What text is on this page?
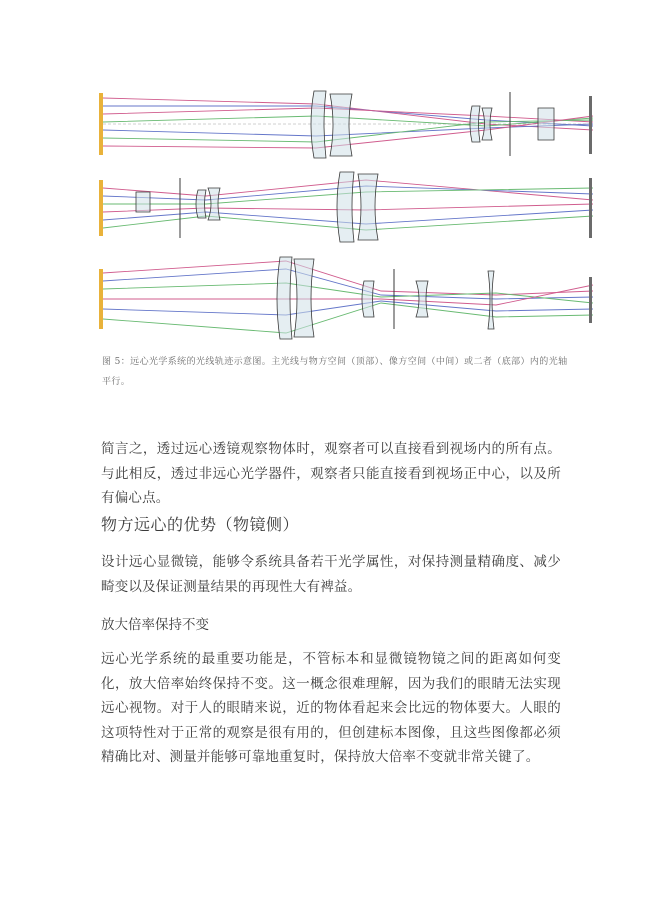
图 5：远心光学系统的光线轨迹示意图。主光线与物方空间（顶部）、像方空间（中间）或二者（底部）内的光轴平行。
简言之，透过远心透镜观察物体时，观察者可以直接看到视场内的所有点。与此相反，透过非远心光学器件，观察者只能直接看到视场正中心，以及所有偏心点。
物方远心的优势（物镜侧）
设计远心显微镜，能够令系统具备若干光学属性，对保持测量精确度、减少畸变以及保证测量结果的再现性大有裨益。
放大倍率保持不变
远心光学系统的最重要功能是，不管标本和显微镜物镜之间的距离如何变化，放大倍率始终保持不变。这一概念很难理解，因为我们的眼睛无法实现远心视物。对于人的眼睛来说，近的物体看起来会比远的物体要大。人眼的这项特性对于正常的观察是很有用的，但创建标本图像，且这些图像都必须精确比对、测量并能够可靠地重复时，保持放大倍率不变就非常关键了。
